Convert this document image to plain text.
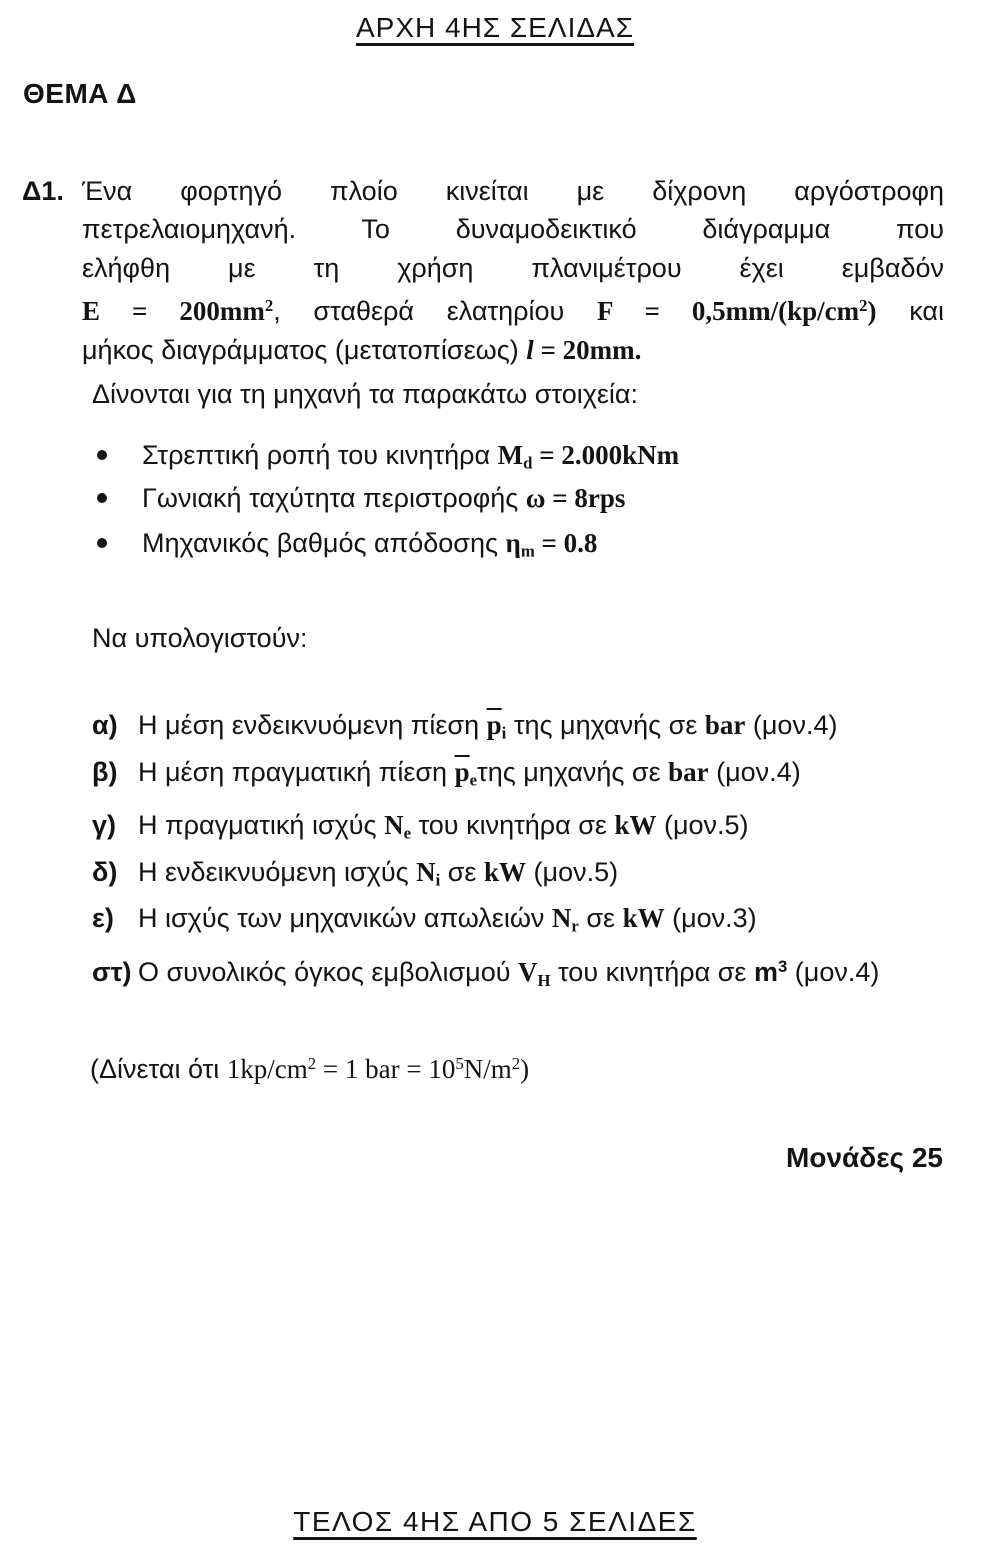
ΑΡΧΗ 4ΗΣ ΣΕΛΙΔΑΣ
ΘΕΜΑ Δ
Δ1. Ένα φορτηγό πλοίο κινείται με δίχρονη αργόστροφη
πετρελαιομηχανή. Το δυναμοδεικτικό διάγραμμα που
ελήφθη με τη χρήση πλανιμέτρου έχει εμβαδόν
$E = 200mm^2$, σταθερά ελατηρίου $F = 0,5mm/(kp/cm^2)$ και
μήκος διαγράμματος (μετατοπίσεως) l = 20mm.
Δίνονται για τη μηχανή τα παρακάτω στοιχεία:
Στρεπτική ροπή του κινητήρα Md = 2.000kNm
Γωνιακή ταχύτητα περιστροφής ω = 8rps
Μηχανικός βαθμός απόδοσης ηm = 0.8
Να υπολογιστούν:
α) Η μέση ενδεικνυόμενη πίεση $\overline{p}i$ της μηχανής σε bar (μον.4)
β) Η μέση πραγματική πίεση $\overline{p}e\tau\eta\varsigma$ μηχανής σε bar (μον.4)
γ) Η πραγματική ισχύς Ne του κινητήρα σε kW (μον.5)
δ) Η ενδεικνυόμενη ισχύς Ni σε kW (μον.5)
ε) Η ισχύς των μηχανικών απωλειών Nr σε kW (μον.3)
στ) Ο συνολικός όγκος εμβολισμού VH του κινητήρα σε $m^3$ (μον.4)
(Δίνεται ότι $1kp/cm^2 = 1$ bar = $10^5N/m^2$)
Μονάδες 25
ΤΕΛΟΣ 4ΗΣ ΑΠΟ 5 ΣΕΛΙΔΕΣ
